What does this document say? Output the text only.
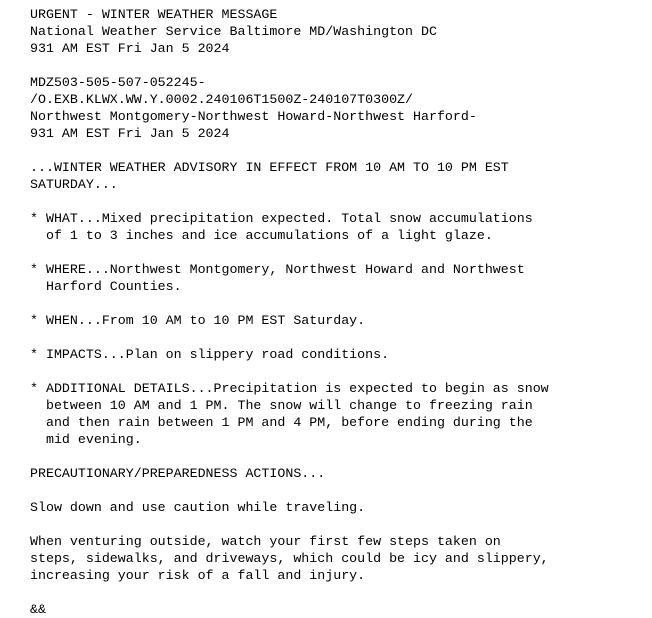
URGENT - WINTER WEATHER MESSAGE
National Weather Service Baltimore MD/Washington DC
931 AM EST Fri Jan 5 2024
MDZ503-505-507-052245-
/O.EXB.KLWX.WW.Y.0002.240106T1500Z-240107T0300Z/
Northwest Montgomery-Northwest Howard-Northwest Harford-
931 AM EST Fri Jan 5 2024
...WINTER WEATHER ADVISORY IN EFFECT FROM 10 AM TO 10 PM EST
SATURDAY...
* WHAT...Mixed precipitation expected. Total snow accumulations
of 1 to 3 inches and ice accumulations of a light glaze.
* WHERE...Northwest Montgomery, Northwest Howard and Northwest
Harford Counties.
* WHEN...From 10 AM to 10 PM EST Saturday.
* IMPACTS...Plan on slippery road conditions.
* ADDITIONAL DETAILS...Precipitation is expected to begin as snow
between 10 AM and 1 PM. The snow will change to freezing rain
and then rain between 1 PM and 4 PM, before ending during the
mid evening.
PRECAUTIONARY/PREPAREDNESS ACTIONS...
Slow down and use caution while traveling.
When venturing outside, watch your first few steps taken on
steps, sidewalks, and driveways, which could be icy and slippery,
increasing your risk of a fall and injury.
&&
